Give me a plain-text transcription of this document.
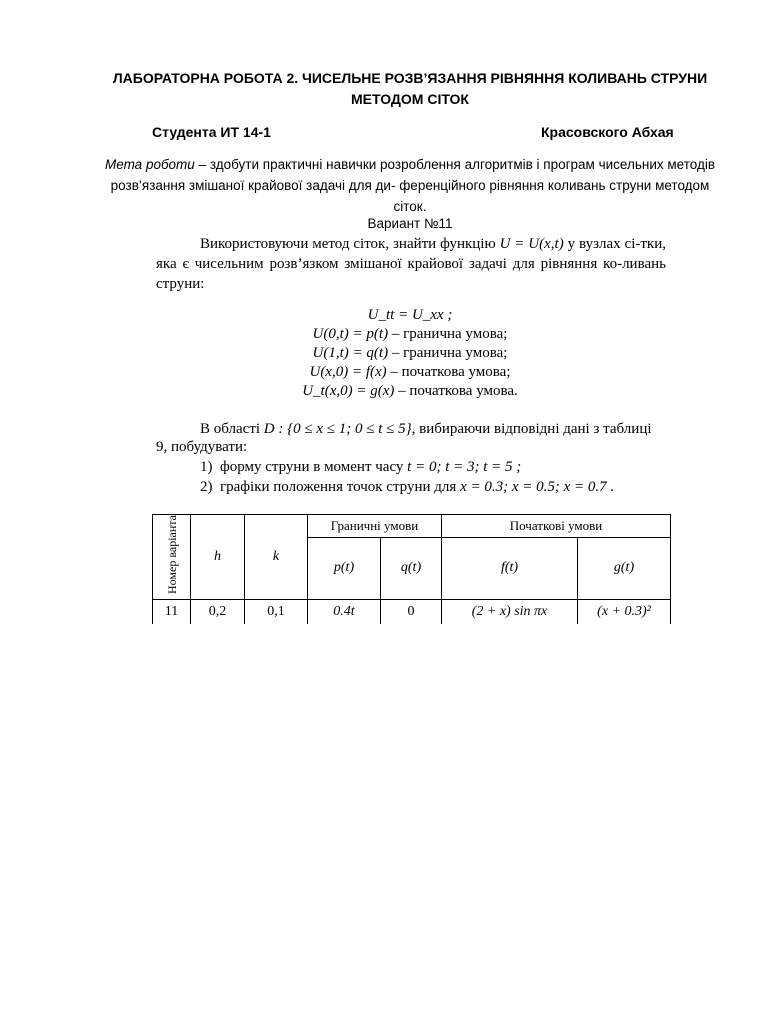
ЛАБОРАТОРНА РОБОТА 2. ЧИСЕЛЬНЕ РОЗВ’ЯЗАННЯ РІВНЯННЯ КОЛИВАНЬ СТРУНИ
МЕТОДОМ СІТОК
Студента ИТ 14-1	Красовского Абхая
Мета роботи – здобути практичні навички розроблення алгоритмів і програм чисельних методів розв’язання змішаної крайової задачі для ди- ференційного рівняння коливань струни методом сіток.
Вариант №11
Використовуючи метод сіток, знайти функцію U = U(x,t) у вузлах сі-тки, яка є чисельним розв’язком змішаної крайової задачі для рівняння ко-ливань струни:
U_tt = U_xx ;
U(0,t) = p(t) – гранична умова;
U(1,t) = q(t) – гранична умова;
U(x,0) = f(x) – початкова умова;
U_t(x,0) = g(x) – початкова умова.
В області D : {0 ≤ x ≤ 1; 0 ≤ t ≤ 5}, вибираючи відповідні дані з таблиці 9, побудувати:
1) форму струни в момент часу t = 0; t = 3; t = 5 ;
2) графіки положення точок струни для x = 0.3; x = 0.5; x = 0.7 .
Номер варіанта	h	k	Граничні умови		Початкові умови	
			p(t)	q(t)	f(t)	g(t)
11	0,2	0,1	0.4t	0	(2 + x) sin πx	(x + 0.3)²
